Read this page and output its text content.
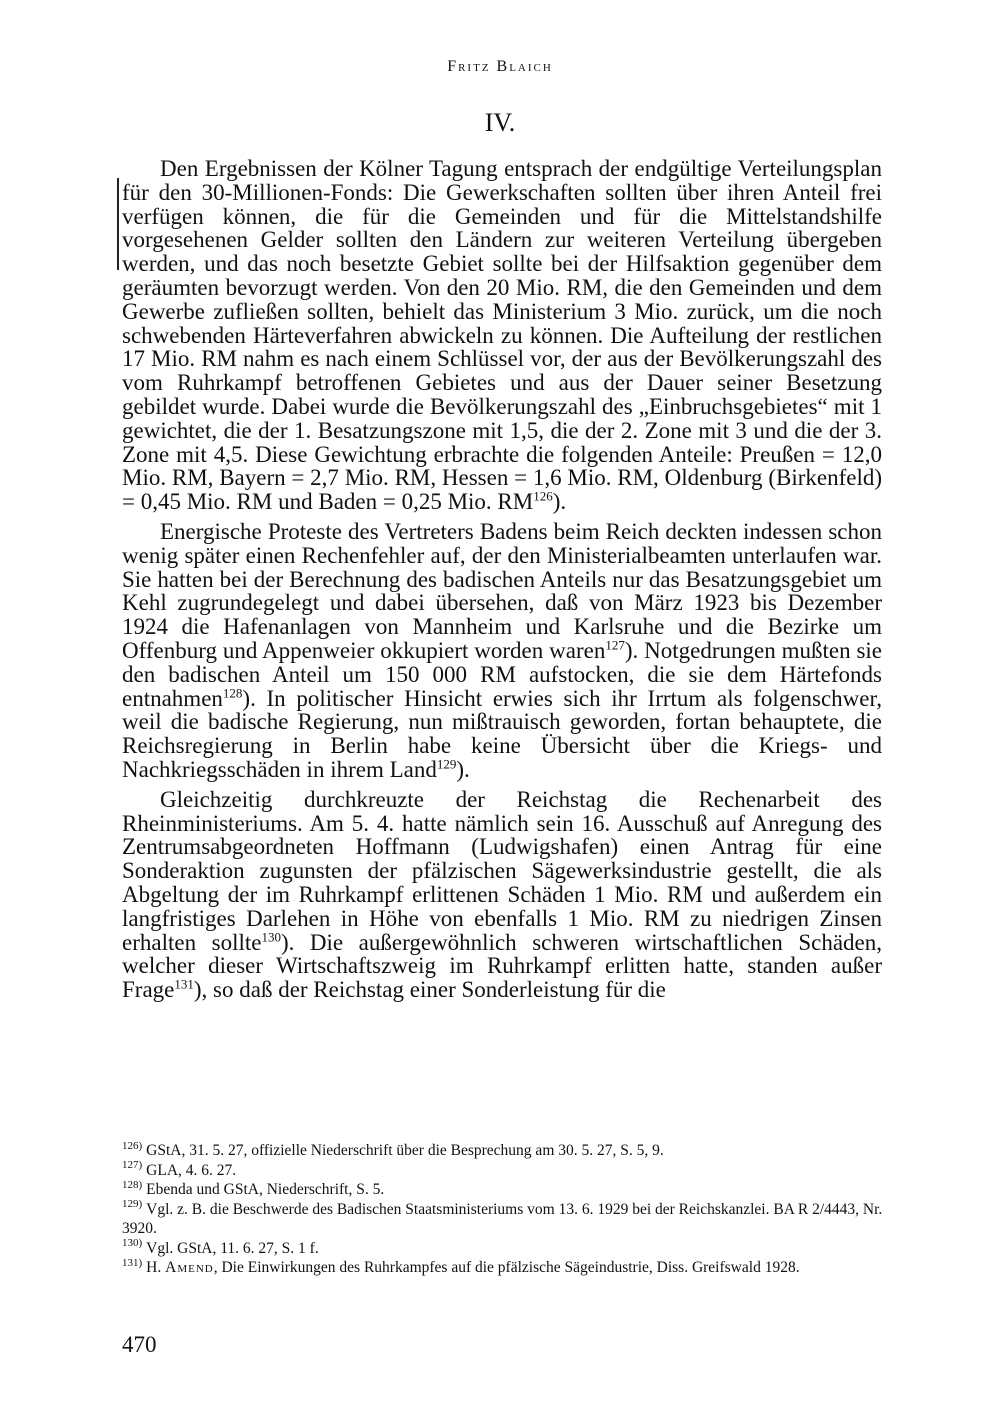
Fritz Blaich
IV.

Den Ergebnissen der Kölner Tagung entsprach der endgültige Verteilungsplan für den 30-Millionen-Fonds: Die Gewerkschaften sollten über ihren Anteil frei verfügen können, die für die Gemeinden und für die Mittelstandshilfe vorgesehenen Gelder sollten den Ländern zur weiteren Verteilung übergeben werden, und das noch besetzte Gebiet sollte bei der Hilfsaktion gegenüber dem geräumten bevorzugt werden. Von den 20 Mio. RM, die den Gemeinden und dem Gewerbe zufließen sollten, behielt das Ministerium 3 Mio. zurück, um die noch schwebenden Härteverfahren abwickeln zu können. Die Aufteilung der restlichen 17 Mio. RM nahm es nach einem Schlüssel vor, der aus der Bevölkerungszahl des vom Ruhrkampf betroffenen Gebietes und aus der Dauer seiner Besetzung gebildet wurde. Dabei wurde die Bevölkerungszahl des „Einbruchsgebietes“ mit 1 gewichtet, die der 1. Besatzungszone mit 1,5, die der 2. Zone mit 3 und die der 3. Zone mit 4,5. Diese Gewichtung erbrachte die folgenden Anteile: Preußen = 12,0 Mio. RM, Bayern = 2,7 Mio. RM, Hessen = 1,6 Mio. RM, Oldenburg (Birkenfeld) = 0,45 Mio. RM und Baden = 0,25 Mio. RM$^{126}$).

Energische Proteste des Vertreters Badens beim Reich deckten indessen schon wenig später einen Rechenfehler auf, der den Ministerialbeamten unterlaufen war. Sie hatten bei der Berechnung des badischen Anteils nur das Besatzungsgebiet um Kehl zugrundegelegt und dabei übersehen, daß von März 1923 bis Dezember 1924 die Hafenanlagen von Mannheim und Karlsruhe und die Bezirke um Offenburg und Appenweier okkupiert worden waren$^{127}$). Notgedrungen mußten sie den badischen Anteil um 150 000 RM aufstocken, die sie dem Härtefonds entnahmen$^{128}$). In politischer Hinsicht erwies sich ihr Irrtum als folgenschwer, weil die badische Regierung, nun mißtrauisch geworden, fortan behauptete, die Reichsregierung in Berlin habe keine Übersicht über die Kriegs- und Nachkriegsschäden in ihrem Land$^{129}$).

Gleichzeitig durchkreuzte der Reichstag die Rechenarbeit des Rheinministeriums. Am 5. 4. hatte nämlich sein 16. Ausschuß auf Anregung des Zentrumsabgeordneten Hoffmann (Ludwigshafen) einen Antrag für eine Sonderaktion zugunsten der pfälzischen Sägewerksindustrie gestellt, die als Abgeltung der im Ruhrkampf erlittenen Schäden 1 Mio. RM und außerdem ein langfristiges Darlehen in Höhe von ebenfalls 1 Mio. RM zu niedrigen Zinsen erhalten sollte$^{130}$). Die außergewöhnlich schweren wirtschaftlichen Schäden, welcher dieser Wirtschaftszweig im Ruhrkampf erlitten hatte, standen außer Frage$^{131}$), so daß der Reichstag einer Sonderleistung für die

$^{126)}$ GStA, 31. 5. 27, offizielle Niederschrift über die Besprechung am 30. 5. 27, S. 5, 9.
$^{127)}$ GLA, 4. 6. 27.
$^{128)}$ Ebenda und GStA, Niederschrift, S. 5.
$^{129)}$ Vgl. z. B. die Beschwerde des Badischen Staatsministeriums vom 13. 6. 1929 bei der Reichskanzlei. BA R 2/4443, Nr. 3920.
$^{130)}$ Vgl. GStA, 11. 6. 27, S. 1 f.
$^{131)}$ H. Amend, Die Einwirkungen des Ruhrkampfes auf die pfälzische Sägeindustrie, Diss. Greifswald 1928.
470
